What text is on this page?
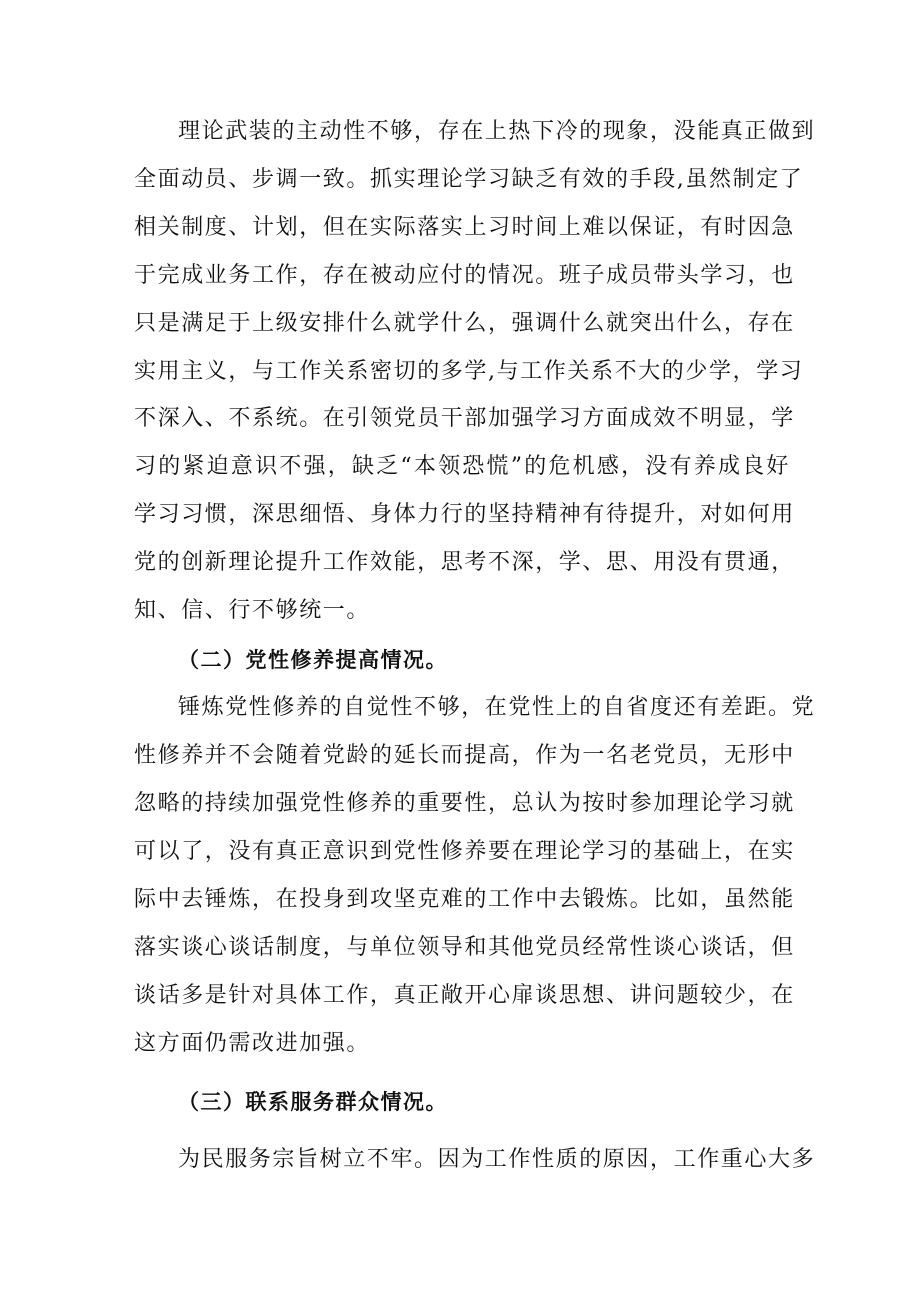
理论武装的主动性不够，存在上热下冷的现象，没能真正做到
全面动员、步调一致。抓实理论学习缺乏有效的手段,虽然制定了
相关制度、计划，但在实际落实上习时间上难以保证，有时因急
于完成业务工作，存在被动应付的情况。班子成员带头学习，也
只是满足于上级安排什么就学什么，强调什么就突出什么，存在
实用主义，与工作关系密切的多学,与工作关系不大的少学，学习
不深入、不系统。在引领党员干部加强学习方面成效不明显，学
习的紧迫意识不强，缺乏“本领恐慌”的危机感，没有养成良好
学习习惯，深思细悟、身体力行的坚持精神有待提升，对如何用
党的创新理论提升工作效能，思考不深，学、思、用没有贯通，
知、信、行不够统一。
（二）党性修养提高情况。
锤炼党性修养的自觉性不够，在党性上的自省度还有差距。党
性修养并不会随着党龄的延长而提高，作为一名老党员，无形中
忽略的持续加强党性修养的重要性，总认为按时参加理论学习就
可以了，没有真正意识到党性修养要在理论学习的基础上，在实
际中去锤炼，在投身到攻坚克难的工作中去锻炼。比如，虽然能
落实谈心谈话制度，与单位领导和其他党员经常性谈心谈话，但
谈话多是针对具体工作，真正敞开心扉谈思想、讲问题较少，在
这方面仍需改进加强。
（三）联系服务群众情况。
为民服务宗旨树立不牢。因为工作性质的原因，工作重心大多
